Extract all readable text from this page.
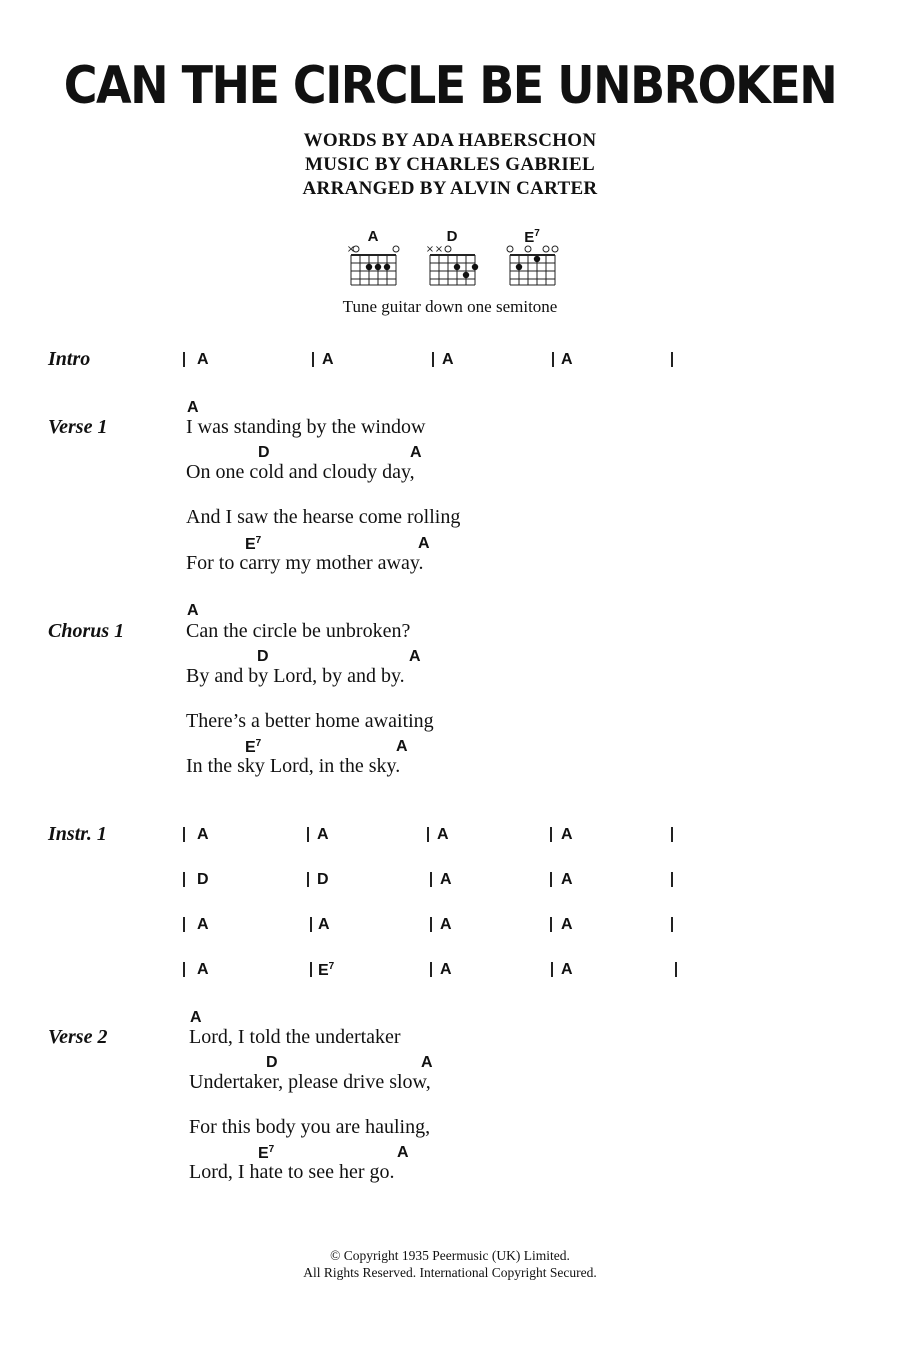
CAN THE CIRCLE BE UNBROKEN
WORDS BY ADA HABERSCHON
MUSIC BY CHARLES GABRIEL
ARRANGED BY ALVIN CARTER
A
×
D
× ×
$E^7$
Tune guitar down one semitone
Intro	A	A	A	A
Verse 1
A
I was standing by the window
D	A
On one cold and cloudy day,
And I saw the hearse come rolling
$E^7$	A
For to carry my mother away.
Chorus 1
A
Can the circle be unbroken?
D	A
By and by Lord, by and by.
There’s a better home awaiting
$E^7$	A
In the sky Lord, in the sky.
Instr. 1	A	A	A	A
D	D	A	A
A	A	A	A
A	$E^7$	A	A
Verse 2
A
Lord, I told the undertaker
D	A
Undertaker, please drive slow,
For this body you are hauling,
$E^7$	A
Lord, I hate to see her go.
© Copyright 1935 Peermusic (UK) Limited.
All Rights Reserved. International Copyright Secured.
